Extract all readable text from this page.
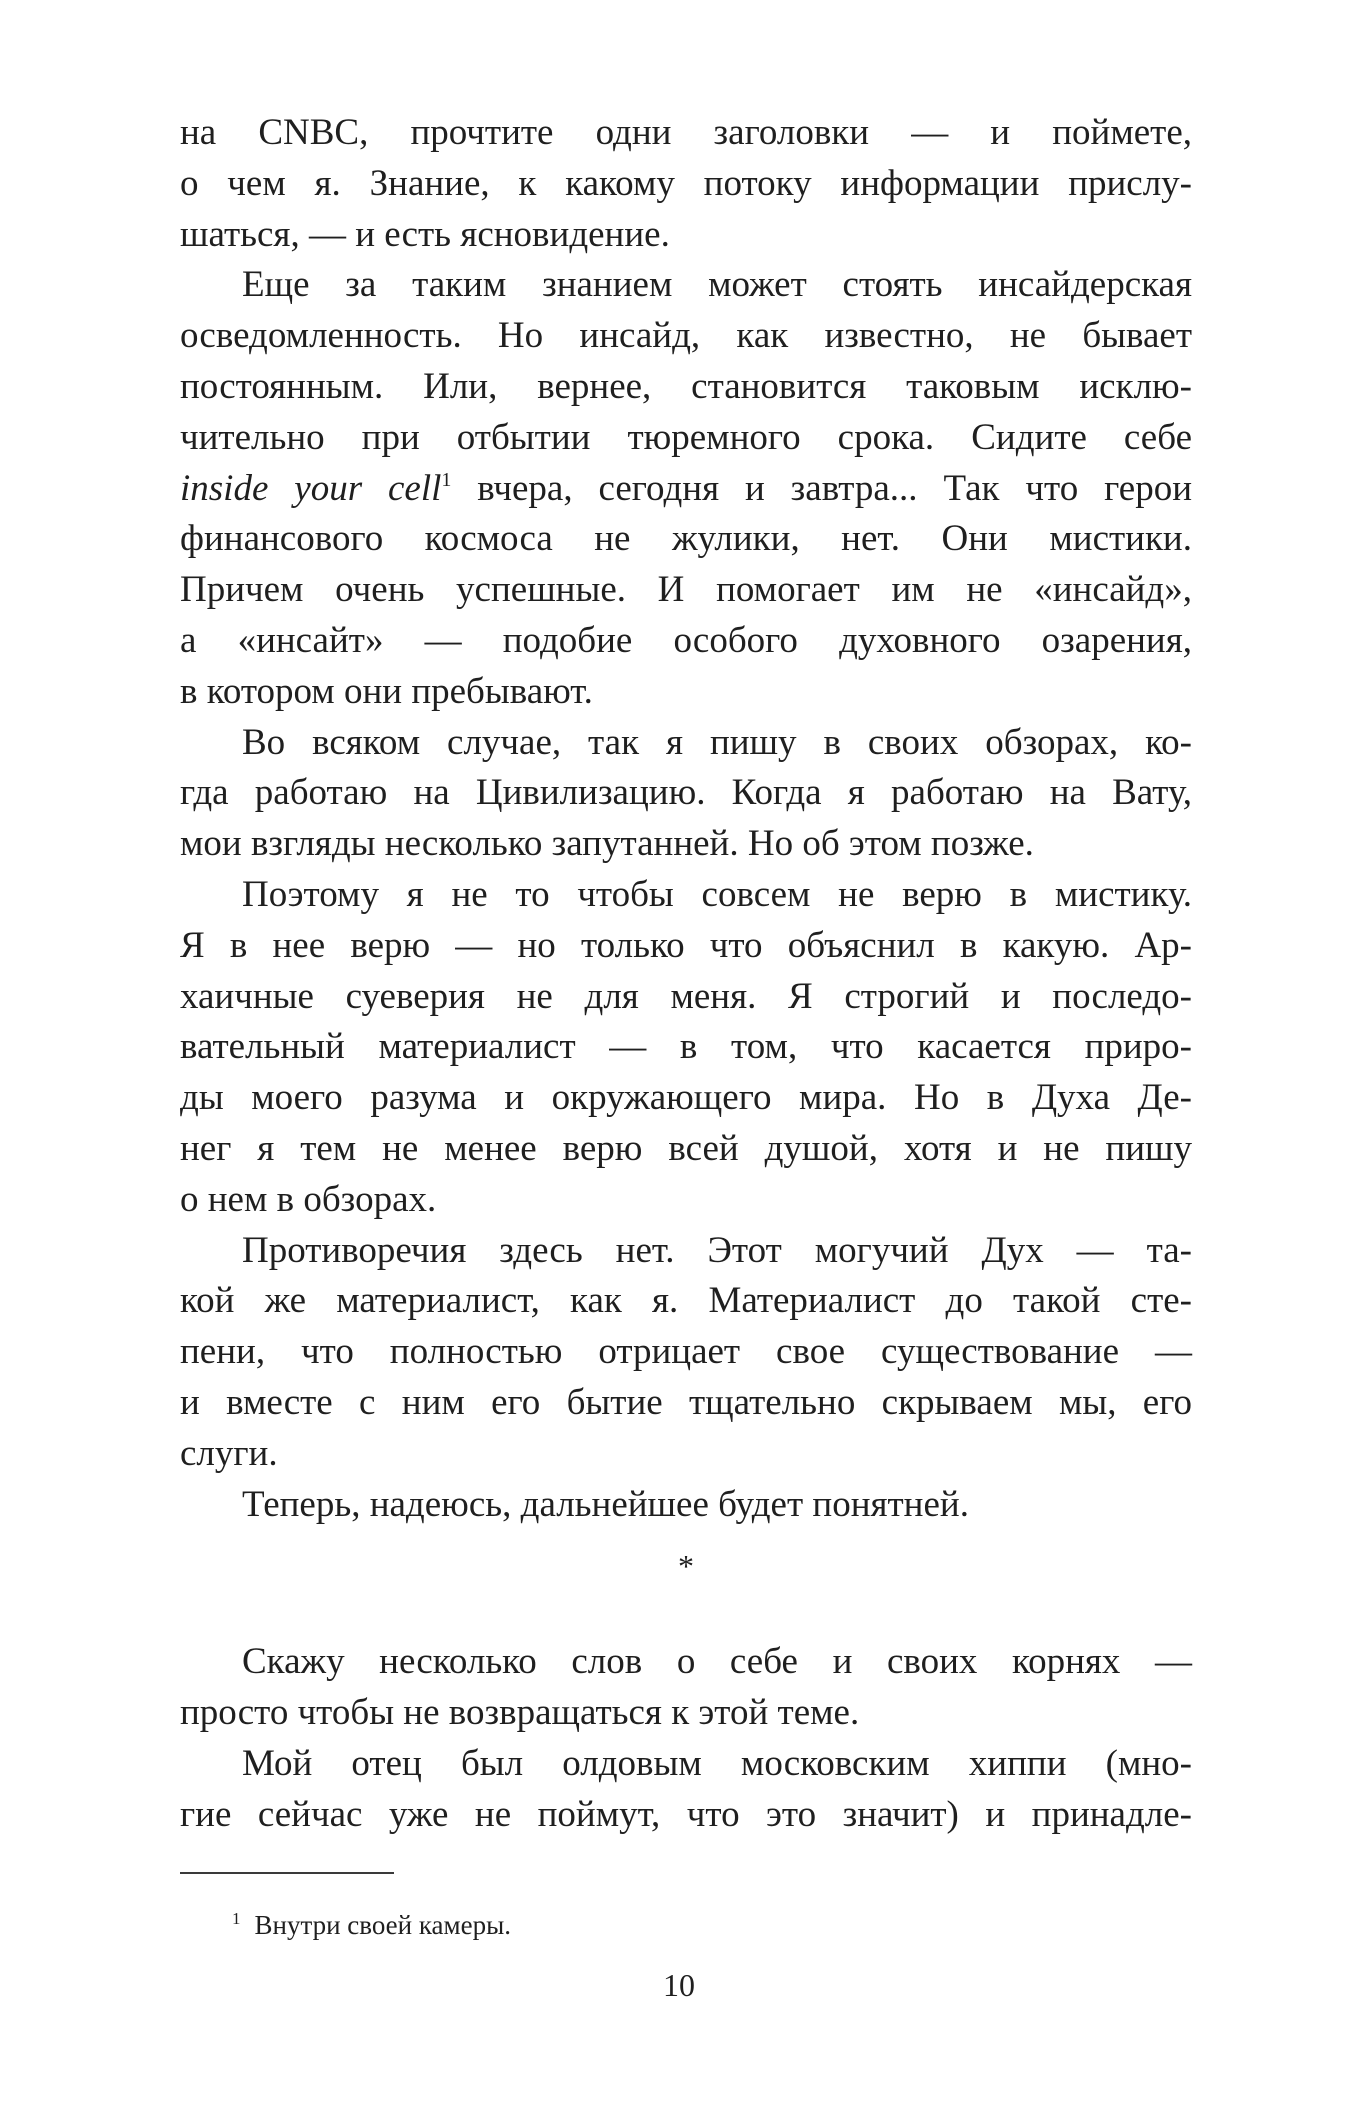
на CNBC, прочтите одни заголовки — и поймете,
о чем я. Знание, к какому потоку информации прислу-
шаться, — и есть ясновидение.

Еще за таким знанием может стоять инсайдерская
осведомленность. Но инсайд, как известно, не бывает
постоянным. Или, вернее, становится таковым исклю-
чительно при отбытии тюремного срока. Сидите себе
inside your cell$^1$ вчера, сегодня и завтра... Так что герои
финансового космоса не жулики, нет. Они мистики.
Причем очень успешные. И помогает им не «инсайд»,
а «инсайт» — подобие особого духовного озарения,
в котором они пребывают.

Во всяком случае, так я пишу в своих обзорах, ко-
гда работаю на Цивилизацию. Когда я работаю на Вату,
мои взгляды несколько запутанней. Но об этом позже.

Поэтому я не то чтобы совсем не верю в мистику.
Я в нее верю — но только что объяснил в какую. Ар-
хаичные суеверия не для меня. Я строгий и последо-
вательный материалист — в том, что касается приро-
ды моего разума и окружающего мира. Но в Духа Де-
нег я тем не менее верю всей душой, хотя и не пишу
о нем в обзорах.

Противоречия здесь нет. Этот могучий Дух — та-
кой же материалист, как я. Материалист до такой сте-
пени, что полностью отрицает свое существование —
и вместе с ним его бытие тщательно скрываем мы, его
слуги.

Теперь, надеюсь, дальнейшее будет понятней.

*

Скажу несколько слов о себе и своих корнях —
просто чтобы не возвращаться к этой теме.

Мой отец был олдовым московским хиппи (мно-
гие сейчас уже не поймут, что это значит) и принадле-

$^1$ Внутри своей камеры.
10
